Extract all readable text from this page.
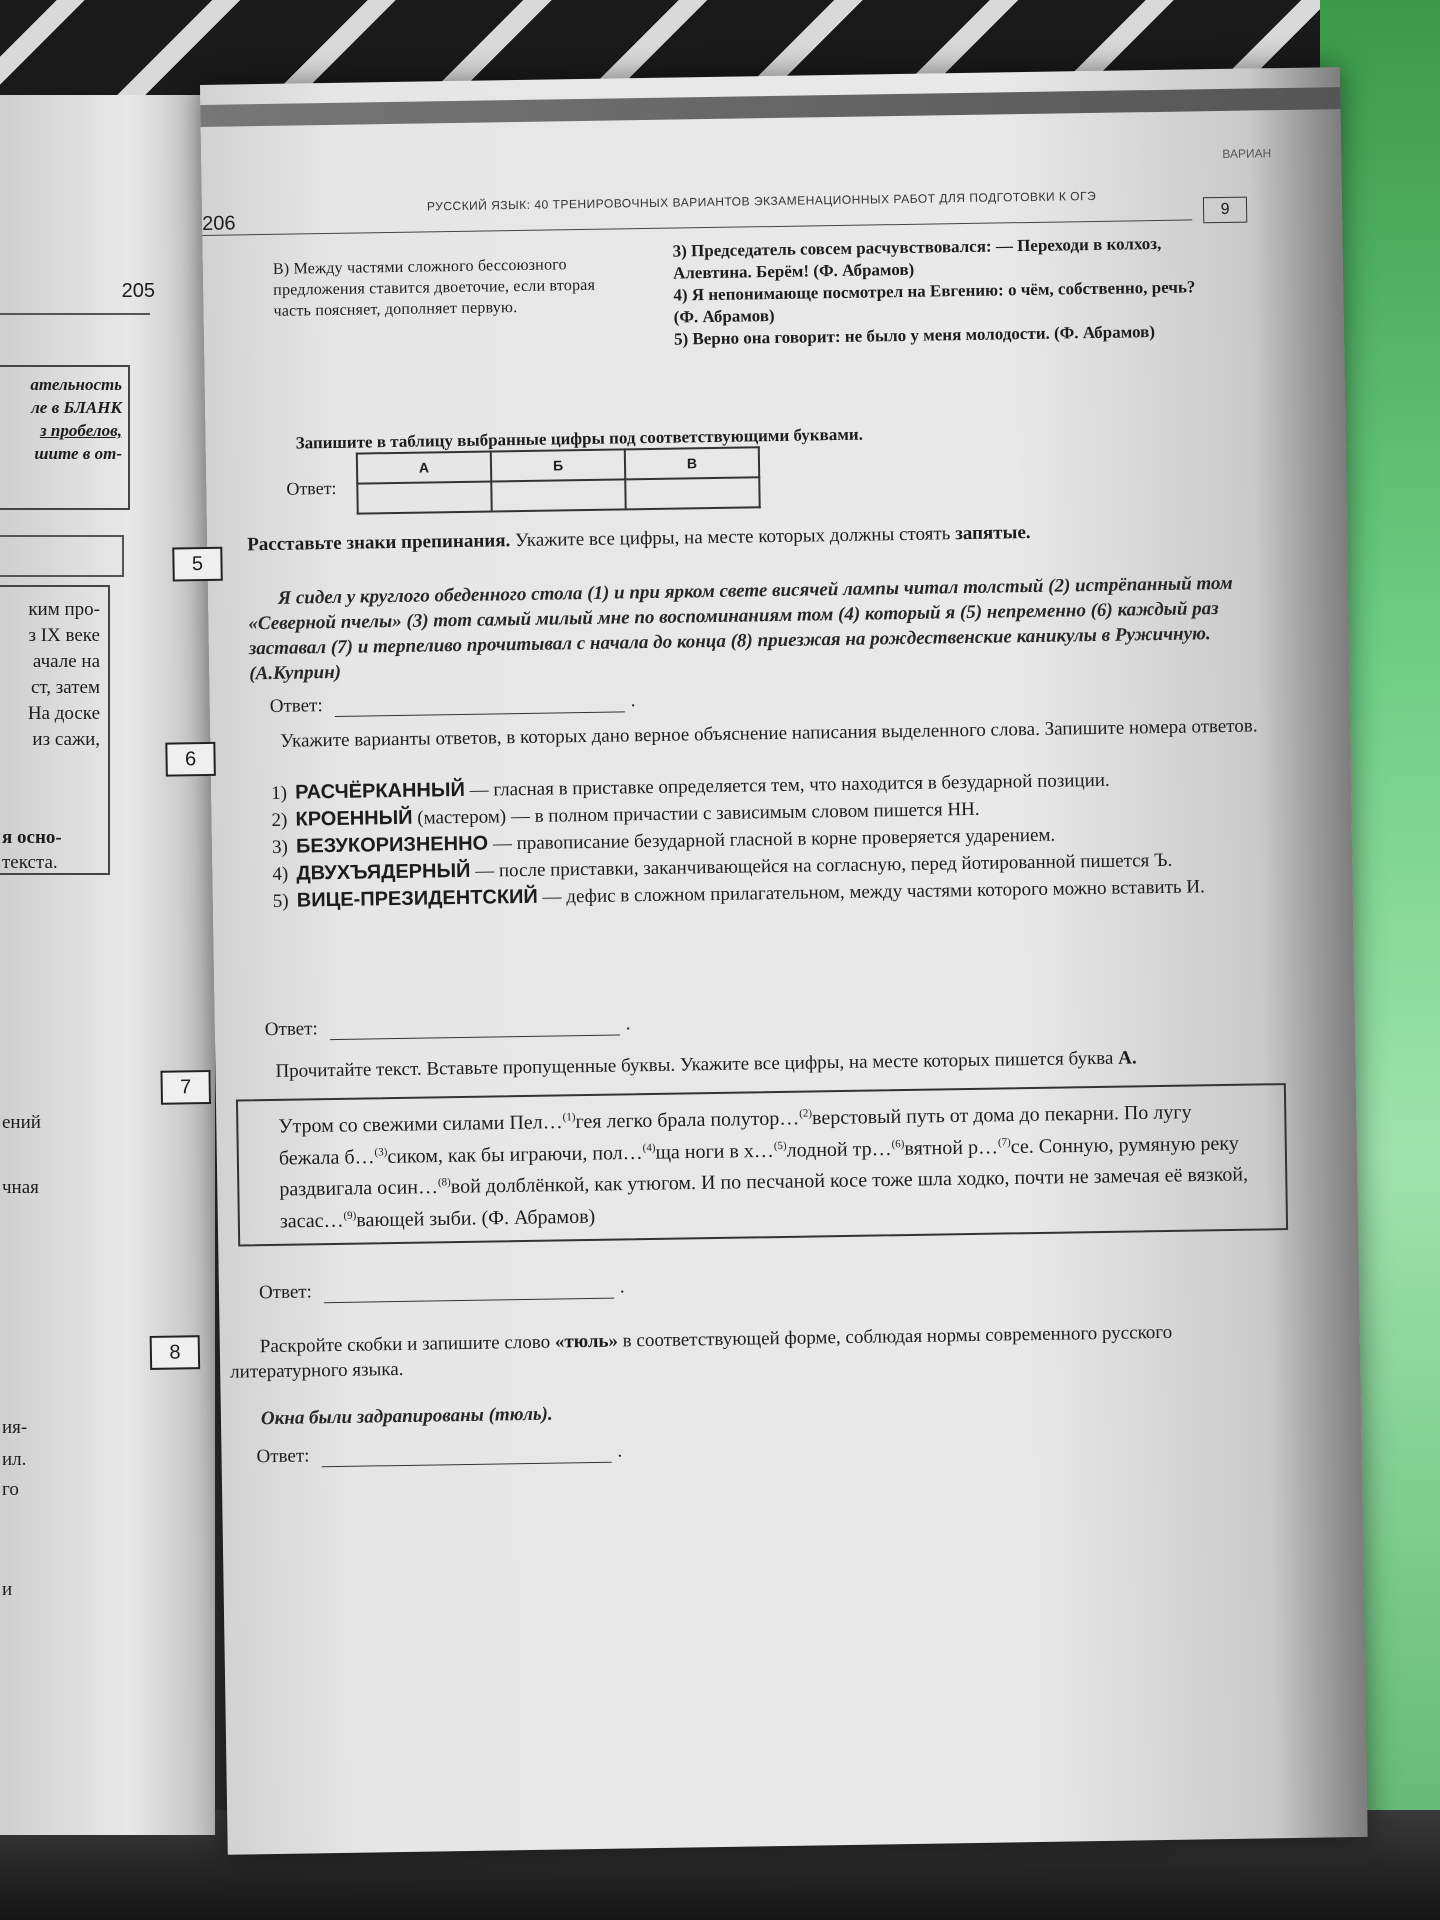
205
ательность
ле в БЛАНК
з пробелов,
шите в от-
ким про-
з IX веке
ачале на
ст, затем
На доске
из сажи,
я осно-
текста.
ений
чная
ия-
ил.
го
и
206
РУССКИЙ ЯЗЫК: 40 ТРЕНИРОВОЧНЫХ ВАРИАНТОВ ЭКЗАМЕНАЦИОННЫХ РАБОТ ДЛЯ ПОДГОТОВКИ К ОГЭ
ВАРИАН
9
В) Между частями сложного бессоюзного предложения ставится двоеточие, если вторая часть поясняет, дополняет первую.

3) Председатель совсем расчувствовался: — Переходи в колхоз, Алевтина. Берём! (Ф. Абрамов)

4) Я непонимающе посмотрел на Евгению: о чём, собственно, речь? (Ф. Абрамов)

5) Верно она говорит: не было у меня молодости. (Ф. Абрамов)

Запишите в таблицу выбранные цифры под соответствующими буквами.
Ответ:
А	Б	В

5
Расставьте знаки препинания. Укажите все цифры, на месте которых должны стоять запятые.
Я сидел у круглого обеденного стола (1) и при ярком свете висячей лампы читал толстый (2) истрёпанный том «Северной пчелы» (3) тот самый милый мне по воспоминаниям том (4) который я (5) непременно (6) каждый раз заставал (7) и терпеливо прочитывал с начала до конца (8) приезжая на рождественские каникулы в Ружичную. (А.Куприн)
Ответ:	.
6
Укажите варианты ответов, в которых дано верное объяснение написания выделенного слова. Запишите номера ответов.
1) РАСЧЁРКАННЫЙ — гласная в приставке определяется тем, что находится в безударной позиции.
2) КРОЕННЫЙ (мастером) — в полном причастии с зависимым словом пишется НН.
3) БЕЗУКОРИЗНЕННО — правописание безударной гласной в корне проверяется ударением.
4) ДВУХЪЯДЕРНЫЙ — после приставки, заканчивающейся на согласную, перед йотированной пишется Ъ.
5) ВИЦЕ-ПРЕЗИДЕНТСКИЙ — дефис в сложном прилагательном, между частями которого можно вставить И.
Ответ:	.
7
Прочитайте текст. Вставьте пропущенные буквы. Укажите все цифры, на месте которых пишется буква А.
Утром со свежими силами Пел…$^{(1)}$гея легко брала полутор…$^{(2)}$верстовый путь от дома до пекарни. По лугу бежала б…$^{(3)}$сиком, как бы играючи, пол…$^{(4)}$ща ноги в х…$^{(5)}$лодной тр…$^{(6)}$вятной р…$^{(7)}$се. Сонную, румяную реку раздвигала осин…$^{(8)}$вой долблёнкой, как утюгом. И по песчаной косе тоже шла ходко, почти не замечая её вязкой, засас…$^{(9)}$вающей зыби. (Ф. Абрамов)
Ответ:	.
8	Раскройте скобки и запишите слово «тюль» в соответствующей форме, соблюдая нормы современного русского литературного языка.
Окна были задрапированы (тюль).
Ответ:	.
